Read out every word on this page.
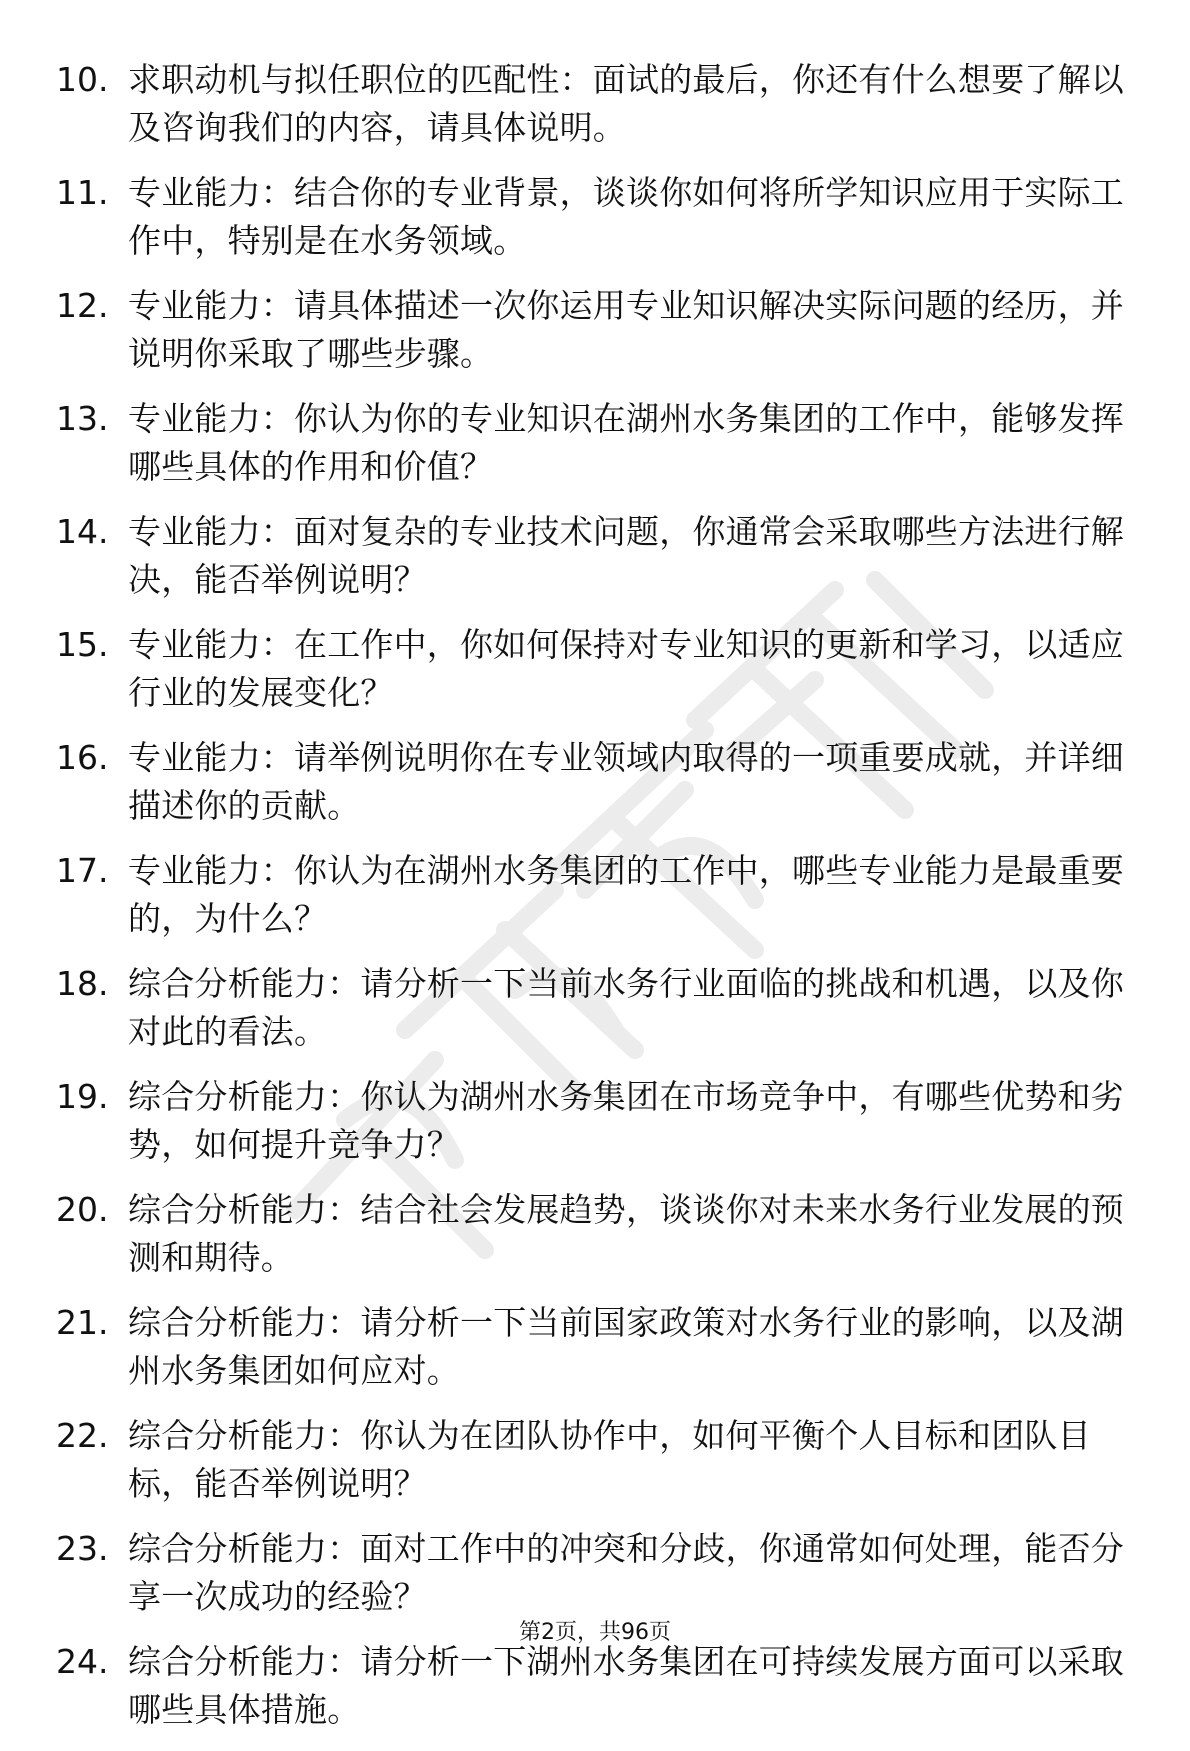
10. 求职动机与拟任职位的匹配性：面试的最后，你还有什么想要了解以及咨询我们的内容，请具体说明。
11. 专业能力：结合你的专业背景，谈谈你如何将所学知识应用于实际工作中，特别是在水务领域。
12. 专业能力：请具体描述一次你运用专业知识解决实际问题的经历，并说明你采取了哪些步骤。
13. 专业能力：你认为你的专业知识在湖州水务集团的工作中，能够发挥哪些具体的作用和价值？
14. 专业能力：面对复杂的专业技术问题，你通常会采取哪些方法进行解决，能否举例说明？
15. 专业能力：在工作中，你如何保持对专业知识的更新和学习，以适应行业的发展变化？
16. 专业能力：请举例说明你在专业领域内取得的一项重要成就，并详细描述你的贡献。
17. 专业能力：你认为在湖州水务集团的工作中，哪些专业能力是最重要的，为什么？
18. 综合分析能力：请分析一下当前水务行业面临的挑战和机遇，以及你对此的看法。
19. 综合分析能力：你认为湖州水务集团在市场竞争中，有哪些优势和劣势，如何提升竞争力？
20. 综合分析能力：结合社会发展趋势，谈谈你对未来水务行业发展的预测和期待。
21. 综合分析能力：请分析一下当前国家政策对水务行业的影响，以及湖州水务集团如何应对。
22. 综合分析能力：你认为在团队协作中，如何平衡个人目标和团队目标，能否举例说明？
23. 综合分析能力：面对工作中的冲突和分歧，你通常如何处理，能否分享一次成功的经验？
24. 综合分析能力：请分析一下湖州水务集团在可持续发展方面可以采取哪些具体措施。
第2页，共96页
